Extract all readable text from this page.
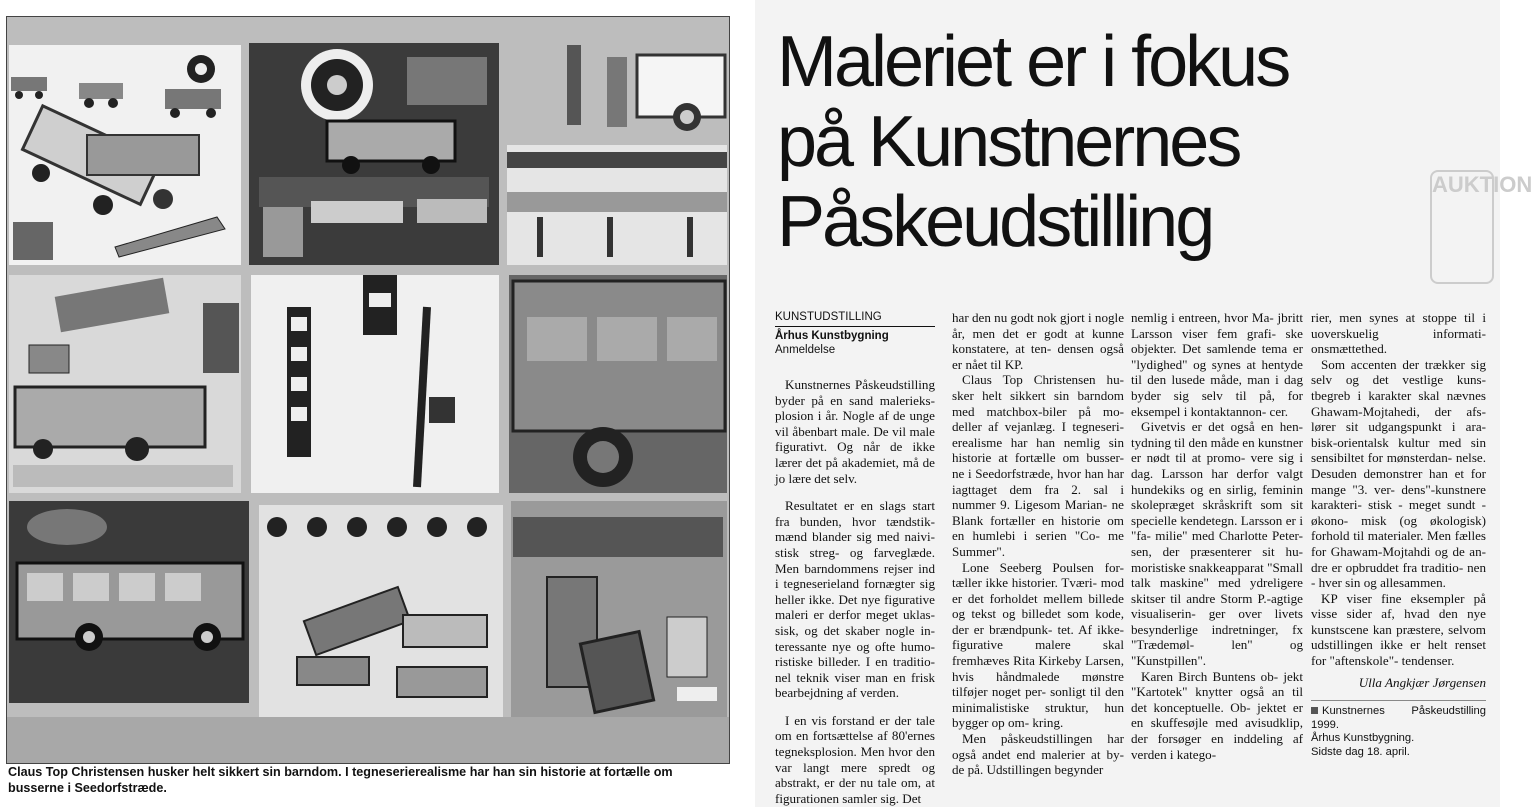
Claus Top Christensen husker helt sikkert sin barndom. I tegneserierealisme har han sin historie at fortælle om busserne i Seedorfstræde.
AUKTION
Maleriet er i fokus
på Kunstnernes
Påskeudstilling
KUNSTUDSTILLING
Århus Kunstbygning
Anmeldelse

Kunstnernes Påskeudstilling byder på en sand malerieks- plosion i år. Nogle af de unge vil åbenbart male. De vil male figurativt. Og når de ikke lærer det på akademiet, må de jo lære det selv.

Resultatet er en slags start fra bunden, hvor tændstik- mænd blander sig med naivi- stisk streg- og farveglæde. Men barndommens rejser ind i tegneserieland fornægter sig heller ikke. Det nye figurative maleri er derfor meget uklas- sisk, og det skaber nogle in- teressante nye og ofte humo- ristiske billeder. I en traditio- nel teknik viser man en frisk bearbejdning af verden.

I en vis forstand er der tale om en fortsættelse af 80'ernes tegneksplosion. Men hvor den var langt mere spredt og abstrakt, er der nu tale om, at figurationen samler sig. Det

har den nu godt nok gjort i nogle år, men det er godt at kunne konstatere, at ten- densen også er nået til KP.

Claus Top Christensen hu- sker helt sikkert sin barndom med matchbox-biler på mo- deller af vejanlæg. I tegneseri- erealisme har han nemlig sin historie at fortælle om busser- ne i Seedorfstræde, hvor han har iagttaget dem fra 2. sal i nummer 9. Ligesom Marian- ne Blank fortæller en historie om en humlebi i serien "Co- me Summer".

Lone Seeberg Poulsen for- tæller ikke historier. Tværi- mod er det forholdet mellem billede og tekst og billedet som kode, der er brændpunk- tet. Af ikke-figurative malere skal fremhæves Rita Kirkeby Larsen, hvis håndmalede mønstre tilføjer noget per- sonligt til den minimalistiske struktur, hun bygger op om- kring.

Men påskeudstillingen har også andet end malerier at by- de på. Udstillingen begynder

nemlig i entreen, hvor Ma- jbritt Larsson viser fem grafi- ske objekter. Det samlende tema er "lydighed" og synes at hentyde til den lusede måde, man i dag byder sig selv til på, for eksempel i kontaktannon- cer.

Givetvis er det også en hen- tydning til den måde en kunstner er nødt til at promo- vere sig i dag. Larsson har derfor valgt hundekiks og en sirlig, feminin skolepræget skråskrift som sit specielle kendetegn. Larsson er i "fa- milie" med Charlotte Peter- sen, der præsenterer sit hu- moristiske snakkeapparat "Small talk maskine" med ydreligere skitser til andre Storm P.-agtige visualiserin- ger over livets besynderlige indretninger, fx "Trædemøl- len" og "Kunstpillen".

Karen Birch Buntens ob- jekt "Kartotek" knytter også an til det konceptuelle. Ob- jektet er en skuffesøjle med avisudklip, der forsøger en inddeling af verden i katego-

rier, men synes at stoppe til i uoverskuelig informati- onsmættethed.

Som accenten der trækker sig selv og det vestlige kuns- tbegreb i karakter skal nævnes Ghawam-Mojtahedi, der afs- lører sit udgangspunkt i ara- bisk-orientalsk kultur med sin sensibiltet for mønsterdan- nelse. Desuden demonstrer han et for mange "3. ver- dens"-kunstnere karakteri- stisk - meget sundt - økono- misk (og økologisk) forhold til materialer. Men fælles for Ghawam-Mojtahdi og de an- dre er opbruddet fra traditio- nen - hver sin og allesammen.

KP viser fine eksempler på visse sider af, hvad den nye kunstscene kan præstere, selvom udstillingen ikke er helt renset for "aftenskole"- tendenser.

Ulla Angkjær Jørgensen
Kunstnernes Påskeudstilling 1999.
Århus Kunstbygning.
Sidste dag 18. april.
